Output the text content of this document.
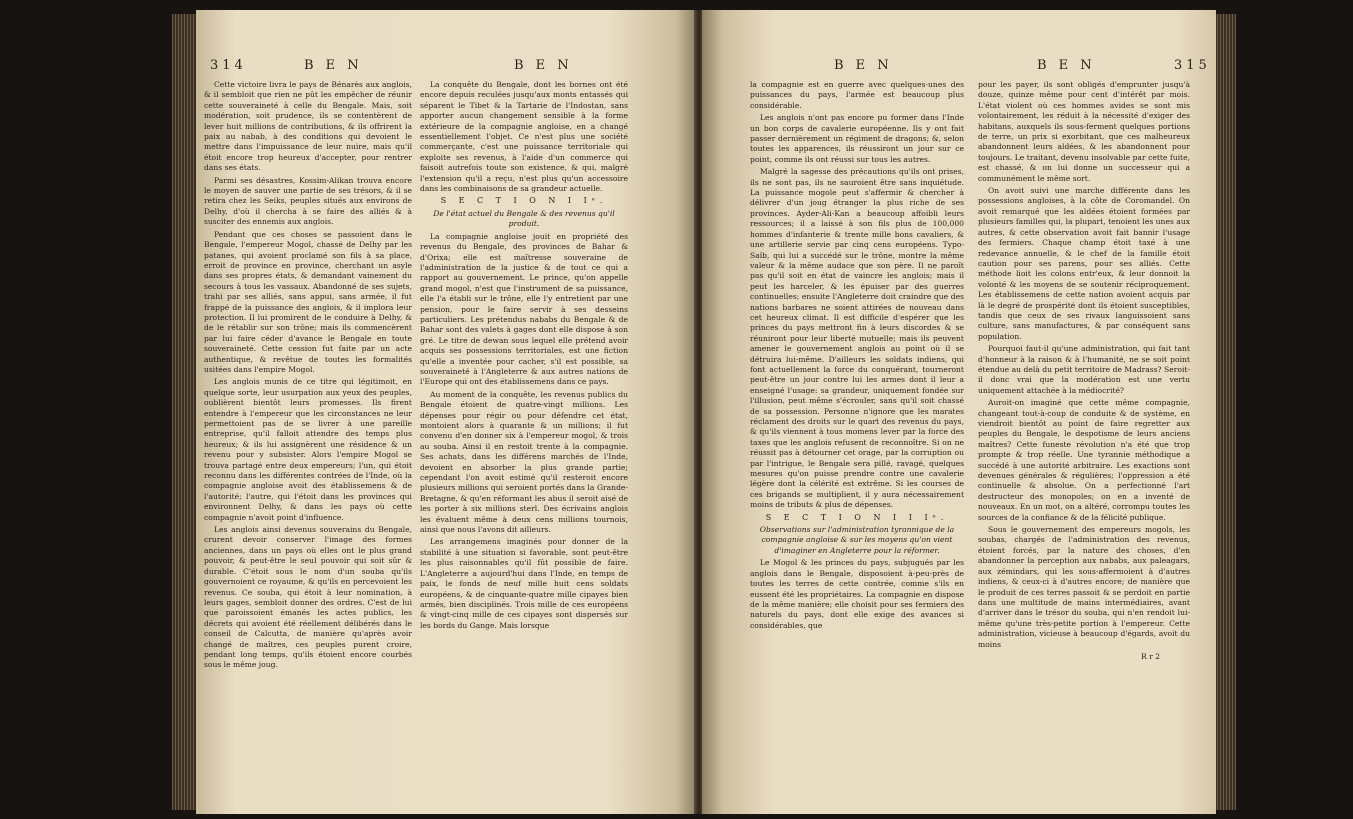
314	B E N	B E N

Cette victoire livra le pays de Bénarès aux anglois, & il sembloit que rien ne pût les empêcher de réunir cette souveraineté à celle du Bengale. Mais, soit modération, soit prudence, ils se contentèrent de lever huit millions de contributions, & ils offrirent la paix au nabab, à des conditions qui devoient le mettre dans l'impuissance de leur nuire, mais qu'il étoit encore trop heureux d'accepter, pour rentrer dans ses états.

Parmi ses désastres, Kossim-Alikan trouva encore le moyen de sauver une partie de ses trésors, & il se retira chez les Seiks, peuples situés aux environs de Delhy, d'où il chercha à se faire des alliés & à susciter des ennemis aux anglois.

Pendant que ces choses se passoient dans le Bengale, l'empereur Mogol, chassé de Delhy par les patanes, qui avoient proclamé son fils à sa place, erroit de province en province, cherchant un asyle dans ses propres états, & demandant vainement du secours à tous les vassaux. Abandonné de ses sujets, trahi par ses alliés, sans appui, sans armée, il fut frappé de la puissance des anglois, & il implora leur protection. Il lui promirent de le conduire à Delhy, & de le rétablir sur son trône; mais ils commencèrent par lui faire céder d'avance le Bengale en toute souveraineté. Cette cession fut faite par un acte authentique, & revêtue de toutes les formalités usitées dans l'empire Mogol.

Les anglois munis de ce titre qui légitimoit, en quelque sorte, leur usurpation aux yeux des peuples, oublièrent bientôt leurs promesses. Ils firent entendre à l'empereur que les circonstances ne leur permettoient pas de se livrer à une pareille entreprise, qu'il falloit attendre des temps plus heureux; & ils lui assignèrent une résidence & un revenu pour y subsister. Alors l'empire Mogol se trouva partagé entre deux empereurs; l'un, qui étoit reconnu dans les différentes contrées de l'Inde, où la compagnie angloise avoit des établissemens & de l'autorité; l'autre, qui l'étoit dans les provinces qui environnent Delhy, & dans les pays où cette compagnie n'avoit point d'influence.

Les anglois ainsi devenus souverains du Bengale, crurent devoir conserver l'image des formes anciennes, dans un pays où elles ont le plus grand pouvoir, & peut-être le seul pouvoir qui soit sûr & durable. C'étoit sous le nom d'un souba qu'ils gouvernoient ce royaume, & qu'ils en percevoient les revenus. Ce souba, qui étoit à leur nomination, à leurs gages, sembloit donner des ordres. C'est de lui que paroissoient émanés les actes publics, les décrets qui avoient été réellement délibérés dans le conseil de Calcutta, de manière qu'après avoir changé de maîtres, ces peuples purent croire, pendant long temps, qu'ils étoient encore courbés sous le même joug.

La conquête du Bengale, dont les bornes ont été encore depuis reculées jusqu'aux monts entassés qui séparent le Tibet & la Tartarie de l'Indostan, sans apporter aucun changement sensible à la forme extérieure de la compagnie angloise, en a changé essentiellement l'objet. Ce n'est plus une société commerçante, c'est une puissance territoriale qui exploite ses revenus, à l'aide d'un commerce qui faisoit autrefois toute son existence, & qui, malgré l'extension qu'il a reçu, n'est plus qu'un accessoire dans les combinaisons de sa grandeur actuelle.

S E C T I O N I Iᵉ.

De l'état actuel du Bengale & des revenus qu'il produit.

La compagnie angloise jouit en propriété des revenus du Bengale, des provinces de Bahar & d'Orixa; elle est maîtresse souveraine de l'administration de la justice & de tout ce qui a rapport au gouvernement. Le prince, qu'on appelle grand mogol, n'est que l'instrument de sa puissance, elle l'a établi sur le trône, elle l'y entretient par une pension, pour le faire servir à ses desseins particuliers. Les prétendus nababs du Bengale & de Bahar sont des valets à gages dont elle dispose à son gré. Le titre de dewan sous lequel elle prétend avoir acquis ses possessions territoriales, est une fiction qu'elle a inventée pour cacher, s'il est possible, sa souveraineté à l'Angleterre & aux autres nations de l'Europe qui ont des établissemens dans ce pays.

Au moment de la conquête, les revenus publics du Bengale étoient de quatre-vingt millions. Les dépenses pour régir ou pour défendre cet état, montoient alors à quarante & un millions; il fut convenu d'en donner six à l'empereur mogol, & trois au souba. Ainsi il en restoit trente à la compagnie. Ses achats, dans les différens marchés de l'Inde, devoient en absorber la plus grande partie; cependant l'on avoit estimé qu'il resteroit encore plusieurs millions qui seroient portés dans la Grande-Bretagne, & qu'en réformant les abus il seroit aisé de les porter à six millions sterl. Des écrivains anglois les évaluent même à deux cens millions tournois, ainsi que nous l'avons dit ailleurs.

Les arrangemens imaginés pour donner de la stabilité à une situation si favorable, sont peut-être les plus raisonnables qu'il fût possible de faire. L'Angleterre a aujourd'hui dans l'Inde, en temps de paix, le fonds de neuf mille huit cens soldats européens, & de cinquante-quatre mille cipayes bien armés, bien disciplinés. Trois mille de ces européens & vingt-cinq mille de ces cipayes sont dispersés sur les bords du Gange. Mais lorsque

B E N	B E N	315

la compagnie est en guerre avec quelques-unes des puissances du pays, l'armée est beaucoup plus considérable.

Les anglois n'ont pas encore pu former dans l'Inde un bon corps de cavalerie européenne. Ils y ont fait passer dernièrement un régiment de dragons; &, selon toutes les apparences, ils réussiront un jour sur ce point, comme ils ont réussi sur tous les autres.

Malgré la sagesse des précautions qu'ils ont prises, ils ne sont pas, ils ne sauroient être sans inquiétude. La puissance mogole peut s'affermir & chercher à délivrer d'un joug étranger la plus riche de ses provinces. Ayder-Ali-Kan a beaucoup affoibli leurs ressources; il a laissé à son fils plus de 100,000 hommes d'infanterie & trente mille bons cavaliers, & une artillerie servie par cinq cens européens. Typo-Saïb, qui lui a succédé sur le trône, montre la même valeur & la même audace que son père. Il ne paroît pas qu'il soit en état de vaincre les anglois; mais il peut les harceler, & les épuiser par des guerres continuelles; ensuite l'Angleterre doit craindre que des nations barbares ne soient attirées de nouveau dans cet heureux climat. Il est difficile d'espérer que les princes du pays mettront fin à leurs discordes & se réuniront pour leur liberté mutuelle; mais ils peuvent amener le gouvernement anglois au point où il se détruira lui-même. D'ailleurs les soldats indiens, qui font actuellement la force du conquérant, tourneront peut-être un jour contre lui les armes dont il leur a enseigné l'usage: sa grandeur, uniquement fondée sur l'illusion, peut même s'écrouler, sans qu'il soit chassé de sa possession. Personne n'ignore que les marates réclament des droits sur le quart des revenus du pays, & qu'ils viennent à tous momens lever par la force des taxes que les anglois refusent de reconnoître. Si on ne réussit pas à détourner cet orage, par la corruption ou par l'intrigue, le Bengale sera pillé, ravagé, quelques mesures qu'on puisse prendre contre une cavalerie légère dont la célérité est extrême. Si les courses de ces brigands se multiplient, il y aura nécessairement moins de tributs & plus de dépenses.

S E C T I O N I I Iᵉ.

Observations sur l'administration tyrannique de la compagnie angloise & sur les moyens qu'on vient d'imaginer en Angleterre pour la réformer.

Le Mogol & les princes du pays, subjugués par les anglois dans le Bengale, disposoient à-peu-près de toutes les terres de cette contrée, comme s'ils en eussent été les propriétaires. La compagnie en dispose de la même manière; elle choisit pour ses fermiers des naturels du pays, dont elle exige des avances si considérables, que

pour les payer, ils sont obligés d'emprunter jusqu'à douze, quinze même pour cent d'intérêt par mois. L'état violent où ces hommes avides se sont mis volontairement, les réduit à la nécessité d'exiger des habitans, auxquels ils sous-ferment quelques portions de terre, un prix si exorbitant, que ces malheureux abandonnent leurs aldées, & les abandonnent pour toujours. Le traitant, devenu insolvable par cette fuite, est chassé, & on lui donne un successeur qui a communément le même sort.

On avoit suivi une marche différente dans les possessions angloises, à la côte de Coromandel. On avoit remarqué que les aldées étoient formées par plusieurs familles qui, la plupart, tenoient les unes aux autres, & cette observation avoit fait bannir l'usage des fermiers. Chaque champ étoit taxé à une redevance annuelle, & le chef de la famille étoit caution pour ses parens, pour ses alliés. Cette méthode lioit les colons entr'eux, & leur donnoit la volonté & les moyens de se soutenir réciproquement. Les établissemens de cette nation avoient acquis par là le degré de prospérité dont ils étoient susceptibles, tandis que ceux de ses rivaux languissoient sans culture, sans manufactures, & par conséquent sans population.

Pourquoi faut-il qu'une administration, qui fait tant d'honneur à la raison & à l'humanité, ne se soit point étendue au delà du petit territoire de Madrass? Seroit-il donc vrai que la modération est une vertu uniquement attachée à la médiocrité?

Auroit-on imaginé que cette même compagnie, changeant tout-à-coup de conduite & de système, en viendroit bientôt au point de faire regretter aux peuples du Bengale, le despotisme de leurs anciens maîtres? Cette funeste révolution n'a été que trop prompte & trop réelle. Une tyrannie méthodique a succédé à une autorité arbitraire. Les exactions sont devenues générales & régulières; l'oppression a été continuelle & absolue. On a perfectionné l'art destructeur des monopoles; on en a inventé de nouveaux. En un mot, on a altéré, corrompu toutes les sources de la confiance & de la félicité publique.

Sous le gouvernement des empereurs mogols, les soubas, chargés de l'administration des revenus, étoient forcés, par la nature des choses, d'en abandonner la perception aux nababs, aux paleagars, aux zémindars, qui les sous-affermoient à d'autres indiens, & ceux-ci à d'autres encore; de manière que le produit de ces terres passoit & se perdoit en partie dans une multitude de mains intermédiaires, avant d'arriver dans le trésor du souba, qui n'en rendoit lui-même qu'une très-petite portion à l'empereur. Cette administration, vicieuse à beaucoup d'égards, avoit du moins

R r 2
